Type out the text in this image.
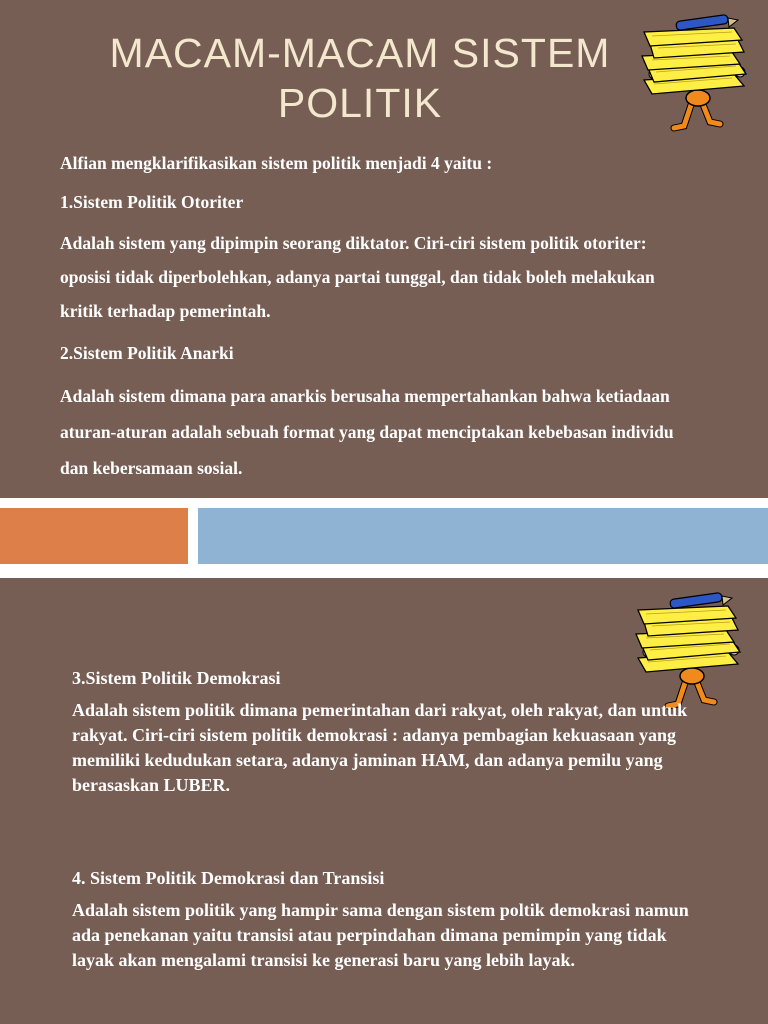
MACAM-MACAM SISTEM
POLITIK

Alfian mengklarifikasikan sistem politik menjadi 4 yaitu :

1.Sistem Politik Otoriter

Adalah sistem yang dipimpin seorang diktator. Ciri-ciri sistem politik otoriter: oposisi tidak diperbolehkan, adanya partai tunggal, dan tidak boleh melakukan kritik terhadap pemerintah.

2.Sistem Politik Anarki

Adalah sistem dimana para anarkis berusaha mempertahankan bahwa ketiadaan aturan-aturan adalah sebuah format yang dapat menciptakan kebebasan individu dan kebersamaan sosial.

3.Sistem Politik Demokrasi

Adalah sistem politik dimana pemerintahan dari rakyat, oleh rakyat, dan untuk rakyat. Ciri-ciri sistem politik demokrasi : adanya pembagian kekuasaan yang memiliki kedudukan setara, adanya jaminan HAM, dan adanya pemilu yang berasaskan LUBER.

4. Sistem Politik Demokrasi dan Transisi

Adalah sistem politik yang hampir sama dengan sistem poltik demokrasi namun ada penekanan yaitu transisi atau perpindahan dimana pemimpin yang tidak layak akan mengalami transisi ke generasi baru yang lebih layak.
